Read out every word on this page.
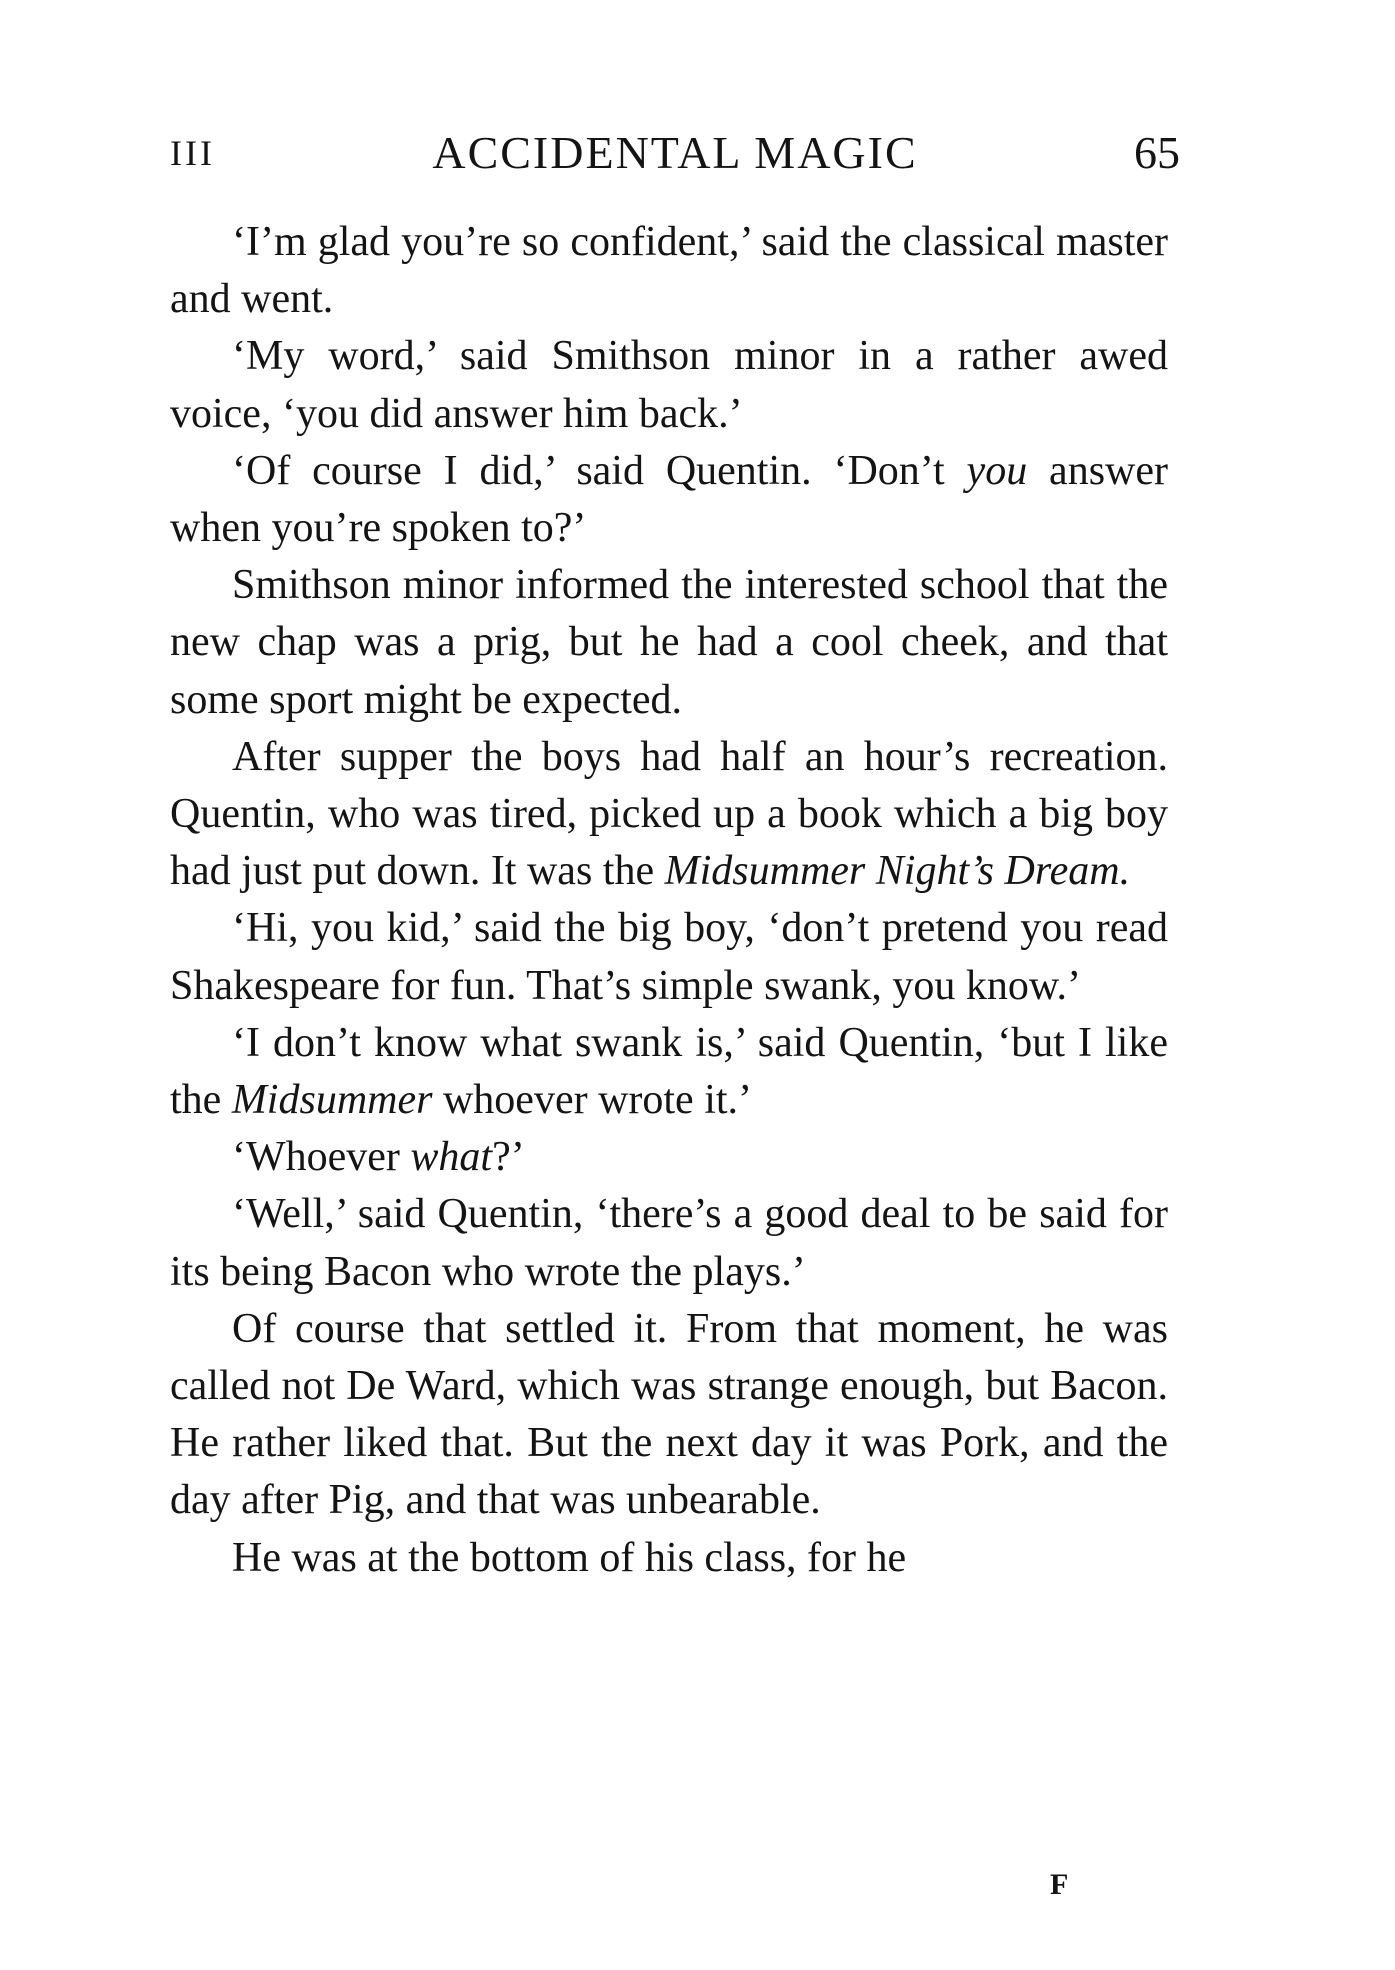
III	ACCIDENTAL MAGIC	65

‘I’m glad you’re so confident,’ said the classical master and went.

‘My word,’ said Smithson minor in a rather awed voice, ‘you did answer him back.’

‘Of course I did,’ said Quentin. ‘Don’t you answer when you’re spoken to?’

Smithson minor informed the interested school that the new chap was a prig, but he had a cool cheek, and that some sport might be expected.

After supper the boys had half an hour’s recreation. Quentin, who was tired, picked up a book which a big boy had just put down. It was the Midsummer Night’s Dream.

‘Hi, you kid,’ said the big boy, ‘don’t pretend you read Shakespeare for fun. That’s simple swank, you know.’

‘I don’t know what swank is,’ said Quentin, ‘but I like the Midsummer whoever wrote it.’

‘Whoever what?’

‘Well,’ said Quentin, ‘there’s a good deal to be said for its being Bacon who wrote the plays.’

Of course that settled it. From that moment, he was called not De Ward, which was strange enough, but Bacon. He rather liked that. But the next day it was Pork, and the day after Pig, and that was unbearable.

He was at the bottom of his class, for he

F
